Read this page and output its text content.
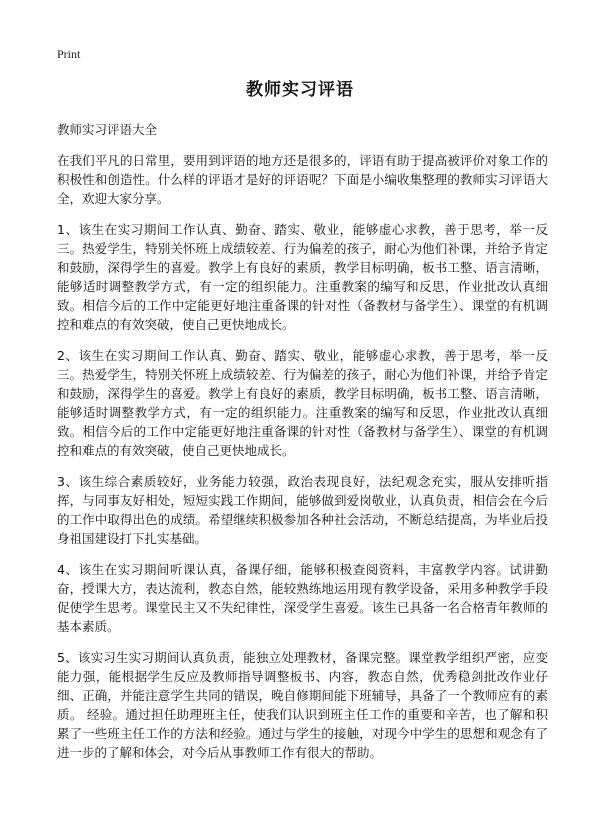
Print
教师实习评语

教师实习评语大全

在我们平凡的日常里，要用到评语的地方还是很多的，评语有助于提高被评价对象工作的积极性和创造性。什么样的评语才是好的评语呢？下面是小编收集整理的教师实习评语大全，欢迎大家分享。

1、该生在实习期间工作认真、勤奋、踏实、敬业，能够虚心求教，善于思考，举一反三。热爱学生，特别关怀班上成绩较差、行为偏差的孩子，耐心为他们补课，并给予肯定和鼓励，深得学生的喜爱。教学上有良好的素质，教学目标明确，板书工整、语言清晰，能够适时调整教学方式，有一定的组织能力。注重教案的编写和反思，作业批改认真细致。相信今后的工作中定能更好地注重备课的针对性（备教材与备学生）、课堂的有机调控和难点的有效突破，使自己更快地成长。

2、该生在实习期间工作认真、勤奋、踏实、敬业，能够虚心求教，善于思考，举一反三。热爱学生，特别关怀班上成绩较差、行为偏差的孩子，耐心为他们补课，并给予肯定和鼓励，深得学生的喜爱。教学上有良好的素质，教学目标明确，板书工整、语言清晰，能够适时调整教学方式，有一定的组织能力。注重教案的编写和反思，作业批改认真细致。相信今后的工作中定能更好地注重备课的针对性（备教材与备学生）、课堂的有机调控和难点的有效突破，使自己更快地成长。

3、该生综合素质较好，业务能力较强，政治表现良好，法纪观念充实，服从安排听指挥，与同事友好相处，短短实践工作期间，能够做到爱岗敬业，认真负责，相信会在今后的工作中取得出色的成绩。希望继续积极参加各种社会活动，不断总结提高，为毕业后投身祖国建设打下扎实基础。

4、该生在实习期间听课认真，备课仔细，能够积极查阅资料，丰富教学内容。试讲勤奋，授课大方，表达流利，教态自然，能较熟练地运用现有教学设备，采用多种教学手段促使学生思考。课堂民主又不失纪律性，深受学生喜爱。该生已具备一名合格青年教师的基本素质。

5、该实习生实习期间认真负责，能独立处理教材，备课完整。课堂教学组织严密，应变能力强，能根据学生反应及教师指导调整板书、内容，教态自然，优秀稳剑批改作业仔细、正确，并能注意学生共同的错误，晚自修期间能下班辅导，具备了一个教师应有的素质。 经验。通过担任助理班主任，使我们认识到班主任工作的重要和辛苦，也了解和积累了一些班主任工作的方法和经验。通过与学生的接触，对现今中学生的思想和观念有了进一步的了解和体会，对今后从事教师工作有很大的帮助。
